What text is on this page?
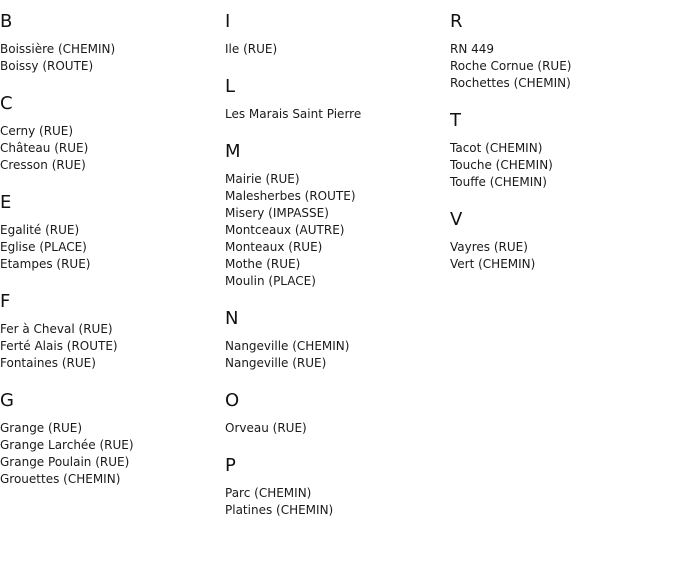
B
Boissière (CHEMIN)
Boissy (ROUTE)
C
Cerny (RUE)
Château (RUE)
Cresson (RUE)
E
Egalité (RUE)
Eglise (PLACE)
Etampes (RUE)
F
Fer à Cheval (RUE)
Ferté Alais (ROUTE)
Fontaines (RUE)
G
Grange (RUE)
Grange Larchée (RUE)
Grange Poulain (RUE)
Grouettes (CHEMIN)
I
Ile (RUE)
L
Les Marais Saint Pierre
M
Mairie (RUE)
Malesherbes (ROUTE)
Misery (IMPASSE)
Montceaux (AUTRE)
Monteaux (RUE)
Mothe (RUE)
Moulin (PLACE)
N
Nangeville (CHEMIN)
Nangeville (RUE)
O
Orveau (RUE)
P
Parc (CHEMIN)
Platines (CHEMIN)
R
RN 449
Roche Cornue (RUE)
Rochettes (CHEMIN)
T
Tacot (CHEMIN)
Touche (CHEMIN)
Touffe (CHEMIN)
V
Vayres (RUE)
Vert (CHEMIN)
